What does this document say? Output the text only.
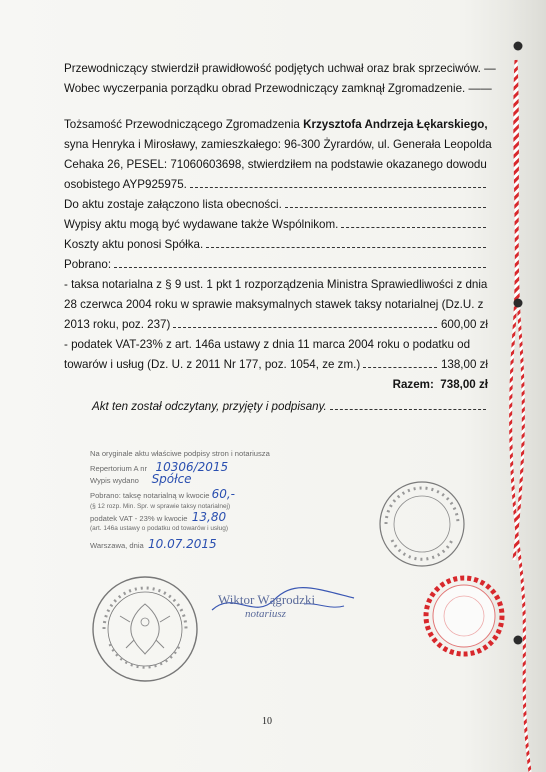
Przewodniczący stwierdził prawidłowość podjętych uchwał oraz brak sprzeciwów. —
Wobec wyczerpania porządku obrad Przewodniczący zamknął Zgromadzenie. ——
Tożsamość Przewodniczącego Zgromadzenia
Krzysztofa Andrzeja Łękarskiego,
syna Henryka i Mirosławy, zamieszkałego: 96-300 Żyrardów, ul. Generała Leopolda
Cehaka 26, PESEL: 71060603698, stwierdziłem na podstawie okazanego dowodu
osobistego AYP925975.
Do aktu zostaje załączono lista obecności.
Wypisy aktu mogą być wydawane także Wspólnikom.
Koszty aktu ponosi Spółka.
Pobrano:
- taksa notarialna z § 9 ust. 1 pkt 1 rozporządzenia Ministra Sprawiedliwości z dnia
28 czerwca 2004 roku w sprawie maksymalnych stawek taksy notarialnej (Dz.U. z
2013 roku, poz. 237)	600,00 zł
- podatek VAT-23% z art. 146a ustawy z dnia 11 marca 2004 roku o podatku od
towarów i usług (Dz. U. z 2011 Nr 177, poz. 1054, ze zm.)	138,00 zł
Razem:
738,00 zł
Akt ten został odczytany, przyjęty i podpisany.
Na oryginale aktu właściwe podpisy stron i notariusza
Repertorium A nr 10306/2015
Wypis wydano Spółce
Pobrano: taksę notarialną w kwocie 60,-
(§ 12 rozp. Min. Spr. w sprawie taksy notarialnej)
podatek VAT - 23% w kwocie 13,80
(art. 146a ustawy o podatku od towarów i usług)
Warszawa, dnia 10.07.2015
Wiktor Wągrodzki
notariusz
10
